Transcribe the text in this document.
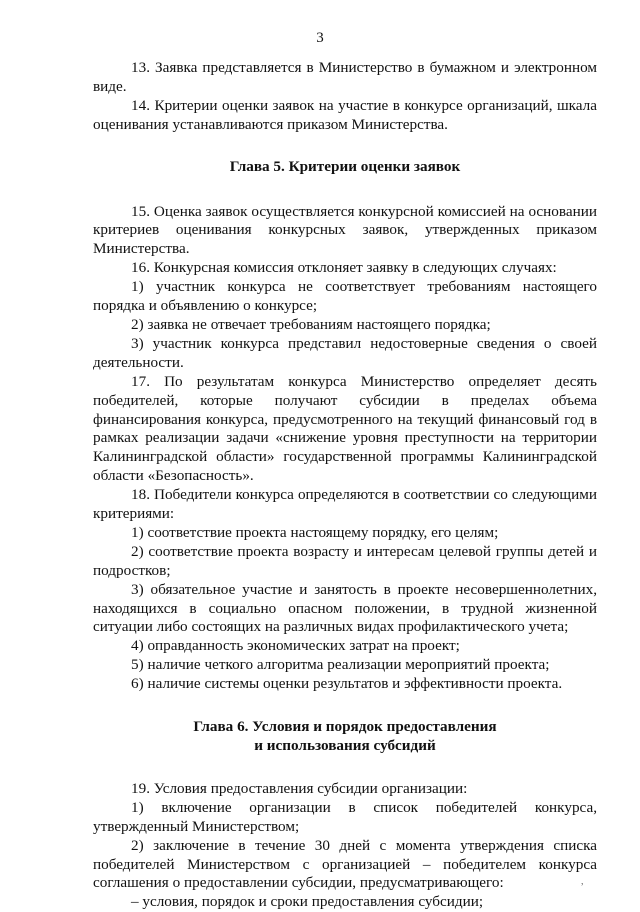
3

13. Заявка представляется в Министерство в бумажном и электронном виде.

14. Критерии оценки заявок на участие в конкурсе организаций, шкала оценивания устанавливаются приказом Министерства.

Глава 5. Критерии оценки заявок

15. Оценка заявок осуществляется конкурсной комиссией на основании критериев оценивания конкурсных заявок, утвержденных приказом Министерства.

16. Конкурсная комиссия отклоняет заявку в следующих случаях:

1) участник конкурса не соответствует требованиям настоящего порядка и объявлению о конкурсе;

2) заявка не отвечает требованиям настоящего порядка;

3) участник конкурса представил недостоверные сведения о своей деятельности.

17. По результатам конкурса Министерство определяет десять победителей, которые получают субсидии в пределах объема финансирования конкурса, предусмотренного на текущий финансовый год в рамках реализации задачи «снижение уровня преступности на территории Калининградской области» государственной программы Калининградской области «Безопасность».

18. Победители конкурса определяются в соответствии со следующими критериями:

1) соответствие проекта настоящему порядку, его целям;

2) соответствие проекта возрасту и интересам целевой группы детей и подростков;

3) обязательное участие и занятость в проекте несовершеннолетних, находящихся в социально опасном положении, в трудной жизненной ситуации либо состоящих на различных видах профилактического учета;

4) оправданность экономических затрат на проект;

5) наличие четкого алгоритма реализации мероприятий проекта;

6) наличие системы оценки результатов и эффективности проекта.

Глава 6. Условия и порядок предоставления

и использования субсидий

19. Условия предоставления субсидии организации:

1) включение организации в список победителей конкурса, утвержденный Министерством;

2) заключение в течение 30 дней с момента утверждения списка победителей Министерством с организацией – победителем конкурса соглашения о предоставлении субсидии, предусматривающего:

– условия, порядок и сроки предоставления субсидии;

,
